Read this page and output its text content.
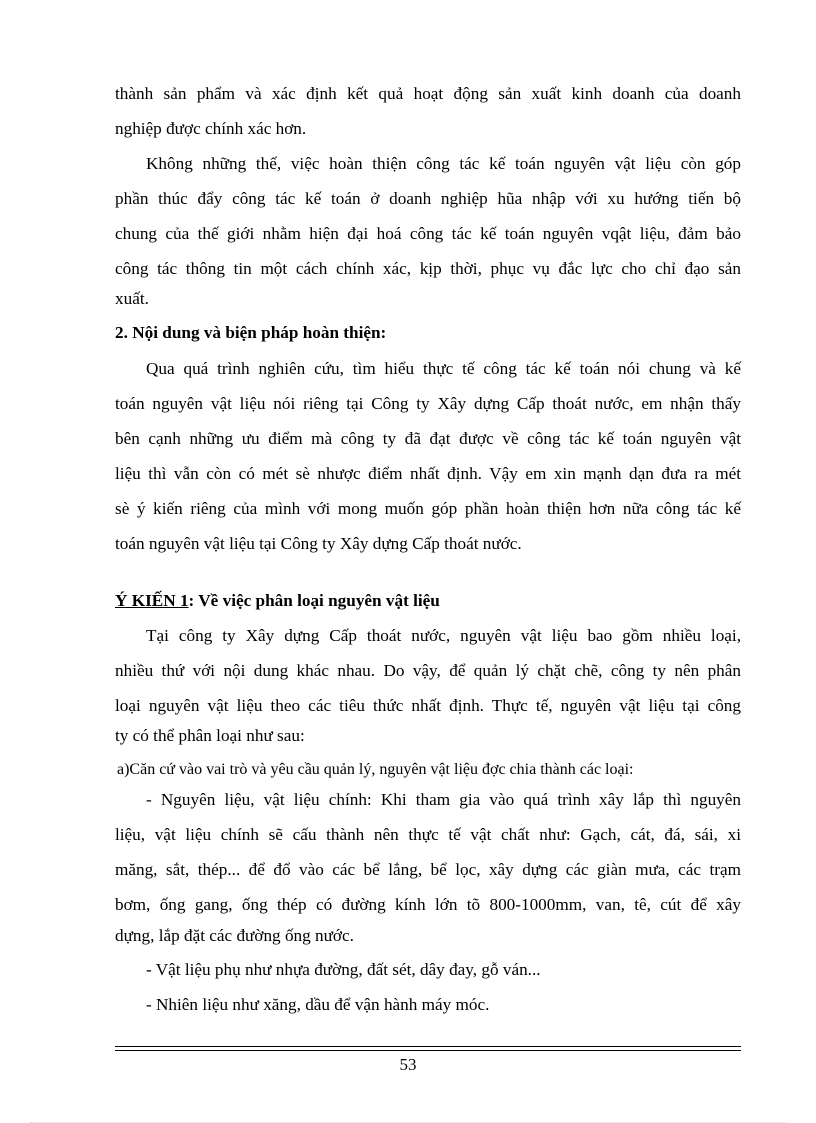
thành sản phẩm và xác định kết quả hoạt động sản xuất kinh doanh của doanh
nghiệp được chính xác hơn.
Không những thế, việc hoàn thiện công tác kế toán nguyên vật liệu còn góp
phần thúc đẩy công tác kế toán ở doanh nghiệp hũa nhập với xu hướng tiến bộ
chung của thế giới nhằm hiện đại hoá công tác kế toán nguyên vqật liệu, đảm bảo
công tác thông tin một cách chính xác, kịp thời, phục vụ đắc lực cho chỉ đạo sản
xuất.
2. Nội dung và biện pháp hoàn thiện:
Qua quá trình nghiên cứu, tìm hiểu thực tế công tác kế toán nói chung và kế
toán nguyên vật liệu nói riêng tại Công ty Xây dựng Cấp thoát nước, em nhận thấy
bên cạnh những ưu điểm mà công ty đã đạt được về công tác kế toán nguyên vật
liệu thì vẫn còn có mét sè nhược điểm nhất định. Vậy em xin mạnh dạn đưa ra mét
sè ý kiến riêng của mình với mong muốn góp phần hoàn thiện hơn nữa công tác kế
toán nguyên vật liệu tại Công ty Xây dựng Cấp thoát nước.
Ý KIẾN 1: Về việc phân loại nguyên vật liệu
Tại công ty Xây dựng Cấp thoát nước, nguyên vật liệu bao gồm nhiều loại,
nhiều thứ với nội dung khác nhau. Do vậy, để quản lý chặt chẽ, công ty nên phân
loại nguyên vật liệu theo các tiêu thức nhất định. Thực tế, nguyên vật liệu tại công
ty có thể phân loại như sau:
a)Căn cứ vào vai trò và yêu cầu quản lý, nguyên vật liệu đợc chia thành các loại:
- Nguyên liệu, vật liệu chính: Khi tham gia vào quá trình xây lắp thì nguyên
liệu, vật liệu chính sẽ cấu thành nên thực tế vật chất như: Gạch, cát, đá, sái, xi
măng, sắt, thép... để đổ vào các bể lắng, bể lọc, xây dựng các giàn mưa, các trạm
bơm, ống gang, ống thép có đường kính lớn tõ 800-1000mm, van, tê, cút để xây
dựng, lắp đặt các đường ống nước.
- Vật liệu phụ như nhựa đường, đất sét, dây đay, gỗ ván...
- Nhiên liệu như xăng, dầu để vận hành máy móc.
53
